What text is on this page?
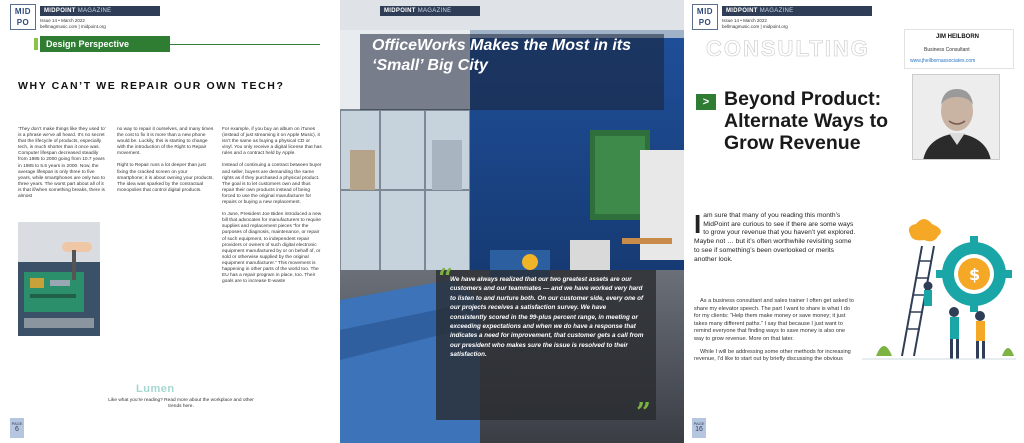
MID
PO
MIDPOINT MAGAZINE
Issue 14 • March 2022
bellmagmusic.com | midpoint.org
Design Perspective
WHY CAN’T WE REPAIR OUR OWN TECH?

‘They don’t make things like they used to’ is a phrase we’ve all heard. It’s no secret that the lifecycle of products, especially tech, is much shorter than it once was. Computer lifespan decreased steadily from 1985 to 2000 going from 10.7 years in 1985 to 5.5 years in 2000. Now, the average lifespan is only three to five years, while smartphones are only two to three years. The worst part about all of it is that if/when something breaks, there is almost

no way to repair it ourselves, and many times the cost to fix it is more than a new phone would be. Luckily, this is starting to change with the introduction of the Right to Repair movement.

Right to Repair runs a lot deeper than just fixing the cracked screen on your smartphone; it is about owning your products. The idea was sparked by the contractual monopolies that control digital products.

For example, if you buy an album on iTunes (instead of just streaming it on Apple Music), it isn’t the same as buying a physical CD or vinyl. You only receive a digital license that has rules and a contract held by Apple.

Instead of continuing a contract between buyer and seller, buyers are demanding the same rights as if they purchased a physical product. The goal is to let customers own and thus repair their own products instead of being forced to use the original manufacturer for repairs or buying a new replacement.

In June, President Joe Biden introduced a new bill that advocates for manufacturers to require supplies and replacement pieces “for the purposes of diagnosis, maintenance, or repair of such equipment, to independent repair providers or owners of such digital electronic equipment manufactured by or on behalf of, or sold or otherwise supplied by the original equipment manufacturer.” This movement is happening in other parts of the world too. The EU has a repair program in place, too. Their goals are to increase E-waste

Lumen
Like what you’re reading? Read more about the workplace and other trends here.
PAGE
6
MIDPOINT MAGAZINE
OfficeWorks Makes the Most in its ‘Small’ Big City
“
We have always realized that our two greatest assets are our customers and our teammates — and we have worked very hard to listen to and nurture both. On our customer side, every one of our projects receives a satisfaction survey. We have consistently scored in the 99-plus percent range, in meeting or exceeding expectations and when we do have a response that indicates a need for improvement, that customer gets a call from our president who makes sure the issue is resolved to their satisfaction.
”
MID
PO
MIDPOINT MAGAZINE
Issue 14 • March 2022
bellmagmusic.com | midpoint.org
CONSULTING	JIM HEILBORN
Business Consultant
www.jheilbornassociates.com
> Beyond Product: Alternate Ways to Grow Revenue
I am sure that many of you reading this month’s MidPoint are curious to see if there are some ways to grow your revenue that you haven’t yet explored. Maybe not … but it’s often worthwhile revisiting some to see if something’s been overlooked or merits another look.

As a business consultant and sales trainer I often get asked to share my elevator speech. The part I want to share is what I do for my clients: “Help them make money or save money; it just takes many different paths.” I say that because I just want to remind everyone that finding ways to save money is also one way to grow revenue. More on that later.

While I will be addressing some other methods for increasing revenue, I’d like to start out by briefly discussing the obvious

$
PAGE
16
